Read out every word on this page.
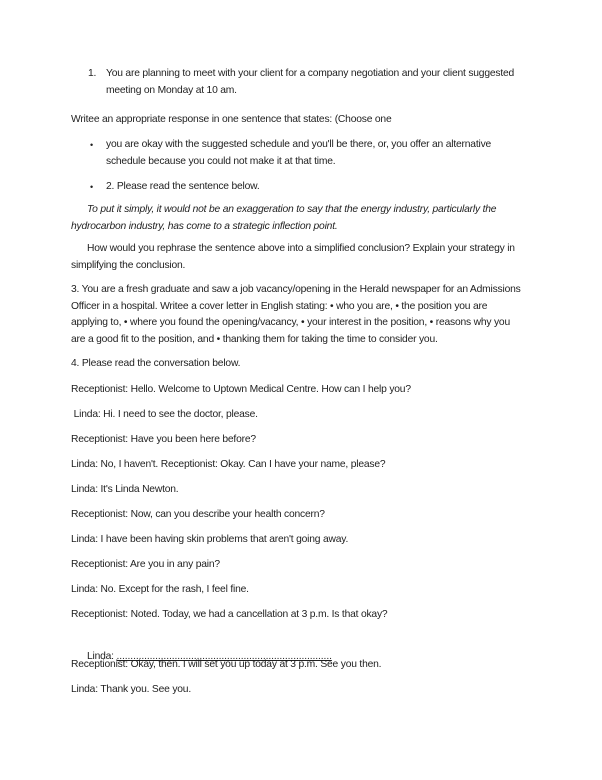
1. You are planning to meet with your client for a company negotiation and your client suggested
meeting on Monday at 10 am.
Writee an appropriate response in one sentence that states: (Choose one
• you are okay with the suggested schedule and you'll be there, or, you offer an alternative
schedule because you could not make it at that time.
• 2. Please read the sentence below.
To put it simply, it would not be an exaggeration to say that the energy industry, particularly the
hydrocarbon industry, has come to a strategic inflection point.
How would you rephrase the sentence above into a simplified conclusion? Explain your strategy in
simplifying the conclusion.
3. You are a fresh graduate and saw a job vacancy/opening in the Herald newspaper for an Admissions
Officer in a hospital. Writee a cover letter in English stating: • who you are, • the position you are
applying to, • where you found the opening/vacancy, • your interest in the position, • reasons why you
are a good fit to the position, and • thanking them for taking the time to consider you.
4. Please read the conversation below.
Receptionist: Hello. Welcome to Uptown Medical Centre. How can I help you?
Linda: Hi. I need to see the doctor, please.
Receptionist: Have you been here before?
Linda: No, I haven't. Receptionist: Okay. Can I have your name, please?
Linda: It's Linda Newton.
Receptionist: Now, can you describe your health concern?
Linda: I have been having skin problems that aren't going away.
Receptionist: Are you in any pain?
Linda: No. Except for the rash, I feel fine.
Receptionist: Noted. Today, we had a cancellation at 3 p.m. Is that okay?

Linda: ..............................................................................

Receptionist: Okay, then. I will set you up today at 3 p.m. See you then.
Linda: Thank you. See you.
